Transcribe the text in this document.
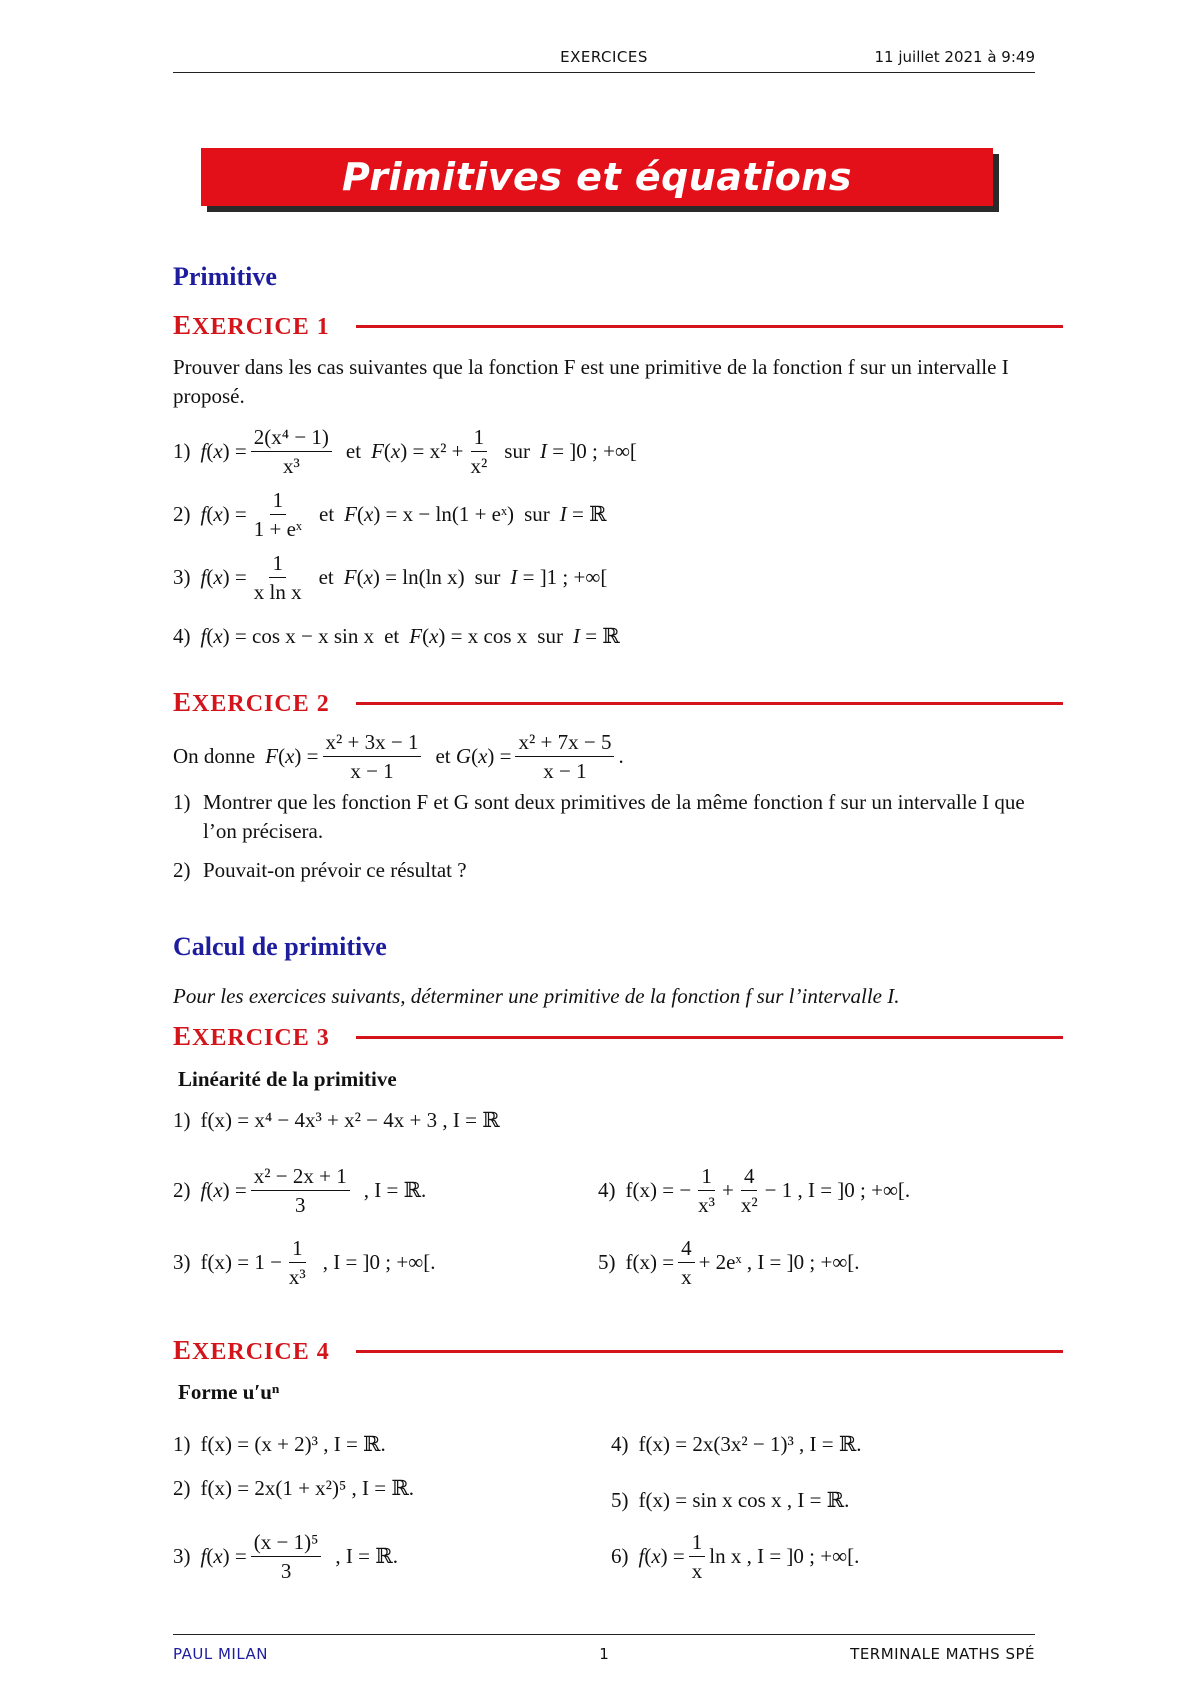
EXERCICES	11 juillet 2021 à 9:49
Primitives et équations différentielles
Primitive
EXERCICE 1
Prouver dans les cas suivantes que la fonction F est une primitive de la fonction f sur un intervalle I proposé.
1) f ( x ) = $\frac{\text{2(x⁴ − 1)}}{\text{x³}}$ et F ( x ) = $x^2 + \frac{1}{\text{x²}}$ sur I = ]0 ; +∞[
2) f ( x ) = $\frac{1}{\text{1 + eˣ}}$ et F ( x ) = x − ln(1 + eˣ) sur I = ℝ
3) f ( x ) = $\frac{1}{\text{x ln x}}$ et F ( x ) = ln(ln x) sur I = ]1 ; +∞[
4) f ( x ) = cos x − x sin x et F ( x ) = x cos x sur I = ℝ
EXERCICE 2
On donne F ( x ) = $\frac{\text{x² + 3x − 1}}{x - 1}$ et G ( x ) = $\frac{\text{x² + 7x − 5}}{x - 1}$ .
1) Montrer que les fonction F et G sont deux primitives de la même fonction f sur un intervalle I que l’on précisera.
2) Pouvait-on prévoir ce résultat ?
Calcul de primitive
Pour les exercices suivants, déterminer une primitive de la fonction f sur l’intervalle I.
EXERCICE 3
Linéarité de la primitive
1) f(x) = x⁴ − 4x³ + x² − 4x + 3 , I = ℝ
2) f ( x ) = $\frac{\text{x² − 2x + 1}}{3}$ , I = ℝ.
3) $f(x) = 1 - \frac{1}{\text{x³}}$ , I = ]0 ; +∞[.
4) f(x) = − $\frac{1}{\text{x³}} + \frac{4}{\text{x²}} - 1$ , I = ]0 ; +∞[.
5) $f(x) = \frac{4}{x}$ + 2eˣ , I = ]0 ; +∞[.
EXERCICE 4
Forme u′uⁿ
1) f(x) = (x + 2)³ , I = ℝ.
2) f(x) = 2x(1 + x²)⁵ , I = ℝ.
3) f ( x ) = $\frac{\text{(x − 1)⁵}}{3}$ , I = ℝ.
4) f(x) = 2x(3x² − 1)³ , I = ℝ.
5) f(x) = sin x cos x , I = ℝ.
6) f ( x ) = $\frac{1}{x}$ ln x , I = ]0 ; +∞[.
PAUL MILAN	1	TERMINALE MATHS SPÉ
